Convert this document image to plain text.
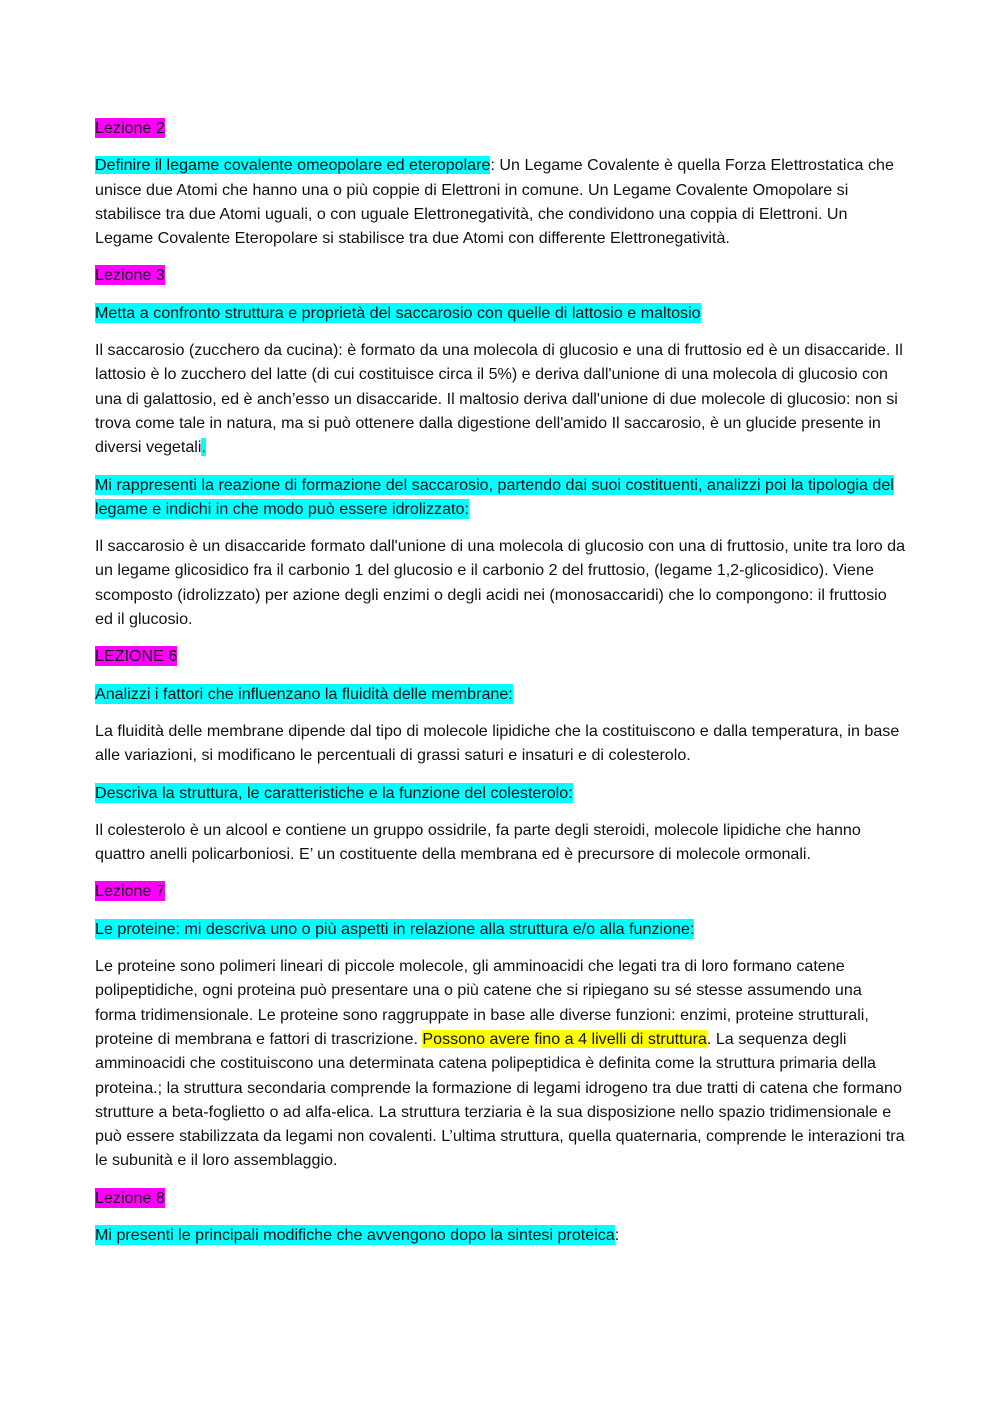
Lezione 2
Definire il legame covalente omeopolare ed eteropolare: Un Legame Covalente è quella Forza Elettrostatica che unisce due Atomi che hanno una o più coppie di Elettroni in comune. Un Legame Covalente Omopolare si stabilisce tra due Atomi uguali, o con uguale Elettronegatività, che condividono una coppia di Elettroni. Un Legame Covalente Eteropolare si stabilisce tra due Atomi con differente Elettronegatività.
Lezione 3
Metta a confronto struttura e proprietà del saccarosio con quelle di lattosio e maltosio
Il saccarosio (zucchero da cucina): è formato da una molecola di glucosio e una di fruttosio ed è un disaccaride. Il lattosio è lo zucchero del latte (di cui costituisce circa il 5%) e deriva dall'unione di una molecola di glucosio con una di galattosio, ed è anch’esso un disaccaride. Il maltosio deriva dall'unione di due molecole di glucosio: non si trova come tale in natura, ma si può ottenere dalla digestione dell'amido Il saccarosio, è un glucide presente in diversi vegetali.
Mi rappresenti la reazione di formazione del saccarosio, partendo dai suoi costituenti, analizzi poi la tipologia del legame e indichi in che modo può essere idrolizzato:
Il saccarosio è un disaccaride formato dall'unione di una molecola di glucosio con una di fruttosio, unite tra loro da un legame glicosidico fra il carbonio 1 del glucosio e il carbonio 2 del fruttosio, (legame 1,2-glicosidico). Viene scomposto (idrolizzato) per azione degli enzimi o degli acidi nei (monosaccaridi) che lo compongono: il fruttosio ed il glucosio.
LEZIONE 6
Analizzi i fattori che influenzano la fluidità delle membrane:
La fluidità delle membrane dipende dal tipo di molecole lipidiche che la costituiscono e dalla temperatura, in base alle variazioni, si modificano le percentuali di grassi saturi e insaturi e di colesterolo.
Descriva la struttura, le caratteristiche e la funzione del colesterolo:
Il colesterolo è un alcool e contiene un gruppo ossidrile, fa parte degli steroidi, molecole lipidiche che hanno quattro anelli policarboniosi. E’ un costituente della membrana ed è precursore di molecole ormonali.
Lezione 7
Le proteine: mi descriva uno o più aspetti in relazione alla struttura e/o alla funzione:
Le proteine sono polimeri lineari di piccole molecole, gli amminoacidi che legati tra di loro formano catene polipeptidiche, ogni proteina può presentare una o più catene che si ripiegano su sé stesse assumendo una forma tridimensionale. Le proteine sono raggruppate in base alle diverse funzioni: enzimi, proteine strutturali, proteine di membrana e fattori di trascrizione. Possono avere fino a 4 livelli di struttura. La sequenza degli amminoacidi che costituiscono una determinata catena polipeptidica è definita come la struttura primaria della proteina.; la struttura secondaria comprende la formazione di legami idrogeno tra due tratti di catena che formano strutture a beta-foglietto o ad alfa-elica. La struttura terziaria è la sua disposizione nello spazio tridimensionale e può essere stabilizzata da legami non covalenti. L’ultima struttura, quella quaternaria, comprende le interazioni tra le subunità e il loro assemblaggio.
Lezione 8
Mi presenti le principali modifiche che avvengono dopo la sintesi proteica:
